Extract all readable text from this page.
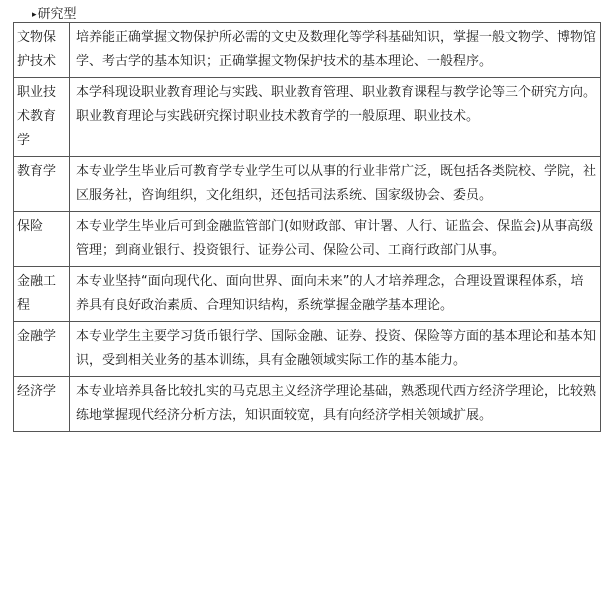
▸研究型
文物保护技术	培养能正确掌握文物保护所必需的文史及数理化等学科基础知识，掌握一般文物学、博物馆学、考古学的基本知识；正确掌握文物保护技术的基本理论、一般程序。
职业技术教育学	本学科现设职业教育理论与实践、职业教育管理、职业教育课程与教学论等三个研究方向。职业教育理论与实践研究探讨职业技术教育学的一般原理、职业技术。
教育学	本专业学生毕业后可教育学专业学生可以从事的行业非常广泛，既包括各类院校、学院，社区服务社，咨询组织，文化组织，还包括司法系统、国家级协会、委员。
保险	本专业学生毕业后可到金融监管部门(如财政部、审计署、人行、证监会、保监会)从事高级管理；到商业银行、投资银行、证券公司、保险公司、工商行政部门从事。
金融工程	本专业坚持“面向现代化、面向世界、面向未来”的人才培养理念，合理设置课程体系，培养具有良好政治素质、合理知识结构，系统掌握金融学基本理论。
金融学	本专业学生主要学习货币银行学、国际金融、证券、投资、保险等方面的基本理论和基本知识，受到相关业务的基本训练，具有金融领域实际工作的基本能力。
经济学	本专业培养具备比较扎实的马克思主义经济学理论基础，熟悉现代西方经济学理论，比较熟练地掌握现代经济分析方法，知识面较宽，具有向经济学相关领域扩展。
